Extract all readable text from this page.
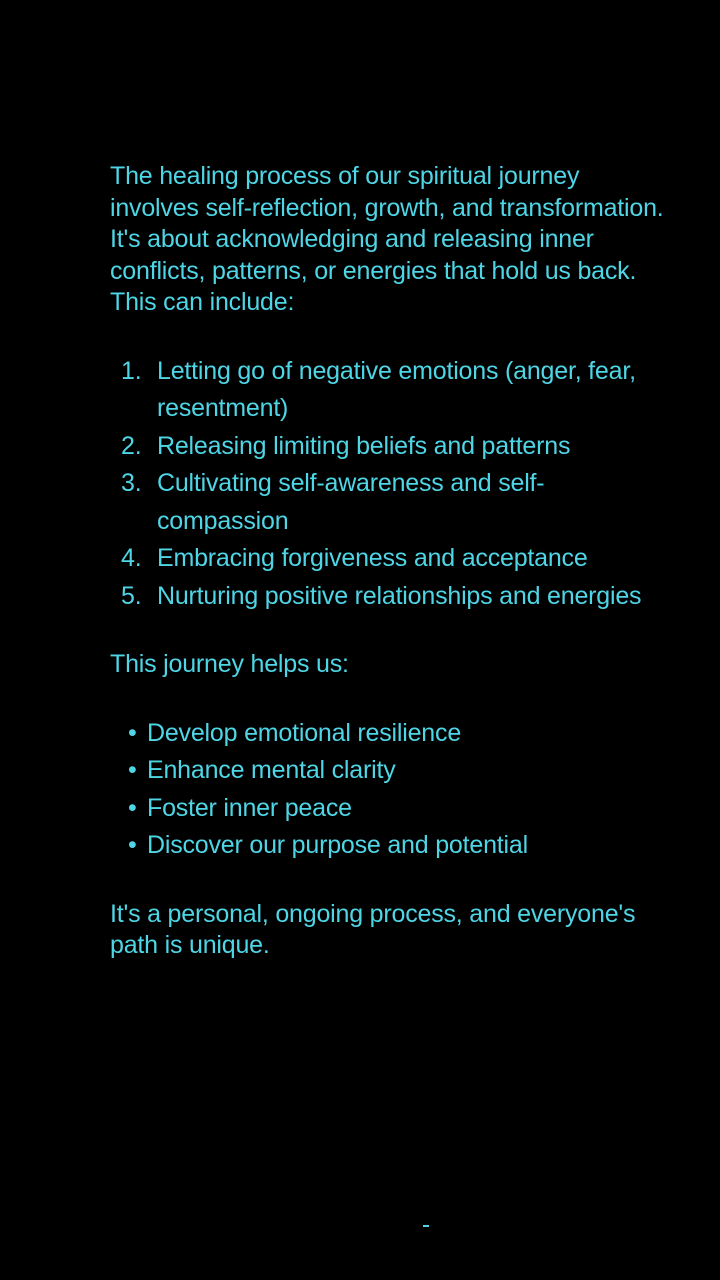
The healing process of our spiritual journey involves self-reflection, growth, and transformation. It's about acknowledging and releasing inner conflicts, patterns, or energies that hold us back. This can include:

1. Letting go of negative emotions (anger, fear, resentment)
2. Releasing limiting beliefs and patterns
3. Cultivating self-awareness and self-compassion
4. Embracing forgiveness and acceptance
5. Nurturing positive relationships and energies

This journey helps us:

• Develop emotional resilience
• Enhance mental clarity
• Foster inner peace
• Discover our purpose and potential

It's a personal, ongoing process, and everyone's path is unique.
